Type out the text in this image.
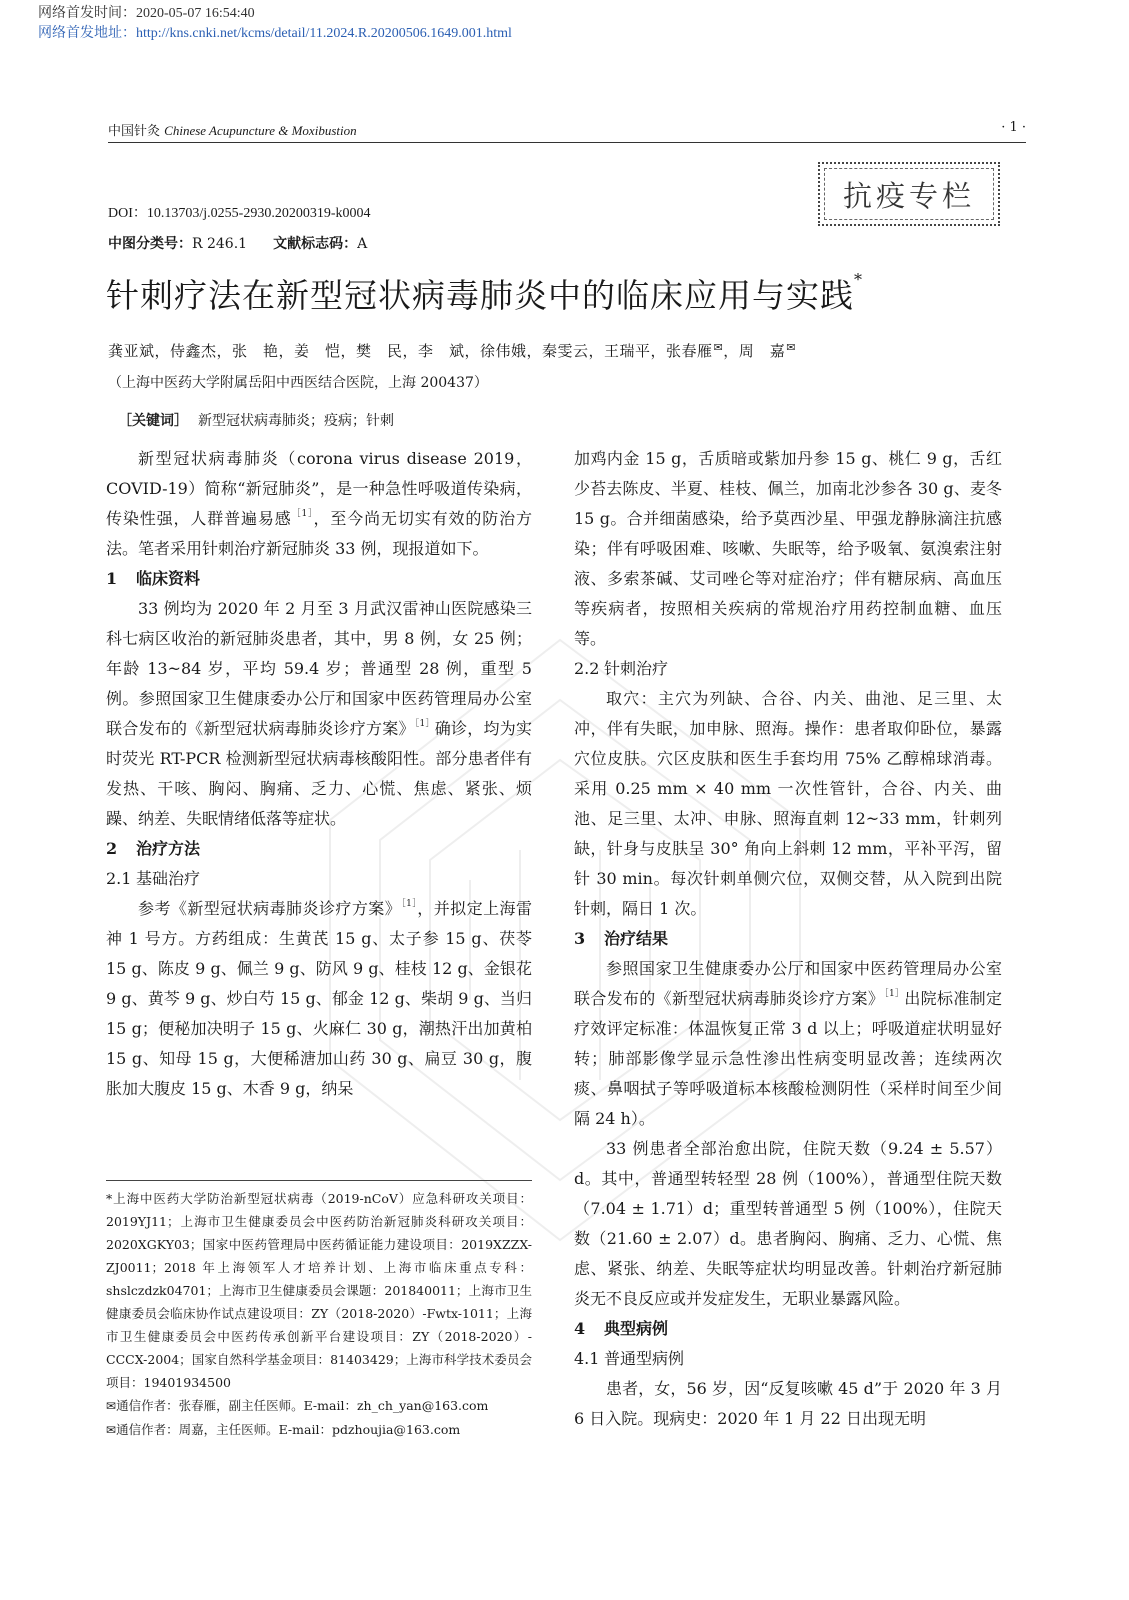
网络首发时间：2020-05-07 16:54:40
网络首发地址：http://kns.cnki.net/kcms/detail/11.2024.R.20200506.1649.001.html
中国针灸 Chinese Acupuncture & Moxibustion	· 1 ·
抗疫专栏
DOI：10.13703/j.0255-2930.20200319-k0004
中图分类号：R 246.1 文献标志码：A
针刺疗法在新型冠状病毒肺炎中的临床应用与实践*
龚亚斌，侍鑫杰，张　艳，姜　恺，樊　民，李　斌，徐伟娥，秦雯云，王瑞平，张春雁✉，周　嘉✉
（上海中医药大学附属岳阳中西医结合医院，上海 200437）
［关键词］ 新型冠状病毒肺炎；疫病；针刺

新型冠状病毒肺炎（corona virus disease 2019，COVID-19）简称“新冠肺炎”，是一种急性呼吸道传染病，传染性强，人群普遍易感$^{[1]}$，至今尚无切实有效的防治方法。笔者采用针刺治疗新冠肺炎 33 例，现报道如下。

1 临床资料

33 例均为 2020 年 2 月至 3 月武汉雷神山医院感染三科七病区收治的新冠肺炎患者，其中，男 8 例，女 25 例；年龄 13~84 岁，平均 59.4 岁；普通型 28 例，重型 5 例。参照国家卫生健康委办公厅和国家中医药管理局办公室联合发布的《新型冠状病毒肺炎诊疗方案》$^{[1]}$确诊，均为实时荧光 RT-PCR 检测新型冠状病毒核酸阳性。部分患者伴有发热、干咳、胸闷、胸痛、乏力、心慌、焦虑、紧张、烦躁、纳差、失眠情绪低落等症状。

2 治疗方法
2.1 基础治疗

参考《新型冠状病毒肺炎诊疗方案》$^{[1]}$，并拟定上海雷神 1 号方。方药组成：生黄芪 15 g、太子参 15 g、茯苓 15 g、陈皮 9 g、佩兰 9 g、防风 9 g、桂枝 12 g、金银花 9 g、黄芩 9 g、炒白芍 15 g、郁金 12 g、柴胡 9 g、当归 15 g；便秘加决明子 15 g、火麻仁 30 g，潮热汗出加黄柏 15 g、知母 15 g，大便稀溏加山药 30 g、扁豆 30 g，腹胀加大腹皮 15 g、木香 9 g，纳呆

*上海中医药大学防治新型冠状病毒（2019-nCoV）应急科研攻关项目：2019YJ11；上海市卫生健康委员会中医药防治新冠肺炎科研攻关项目：2020XGKY03；国家中医药管理局中医药循证能力建设项目：2019XZZX-ZJ0011；2018 年上海领军人才培养计划、上海市临床重点专科：shslczdzk04701；上海市卫生健康委员会课题：201840011；上海市卫生健康委员会临床协作试点建设项目：ZY（2018-2020）-Fwtx-1011；上海市卫生健康委员会中医药传承创新平台建设项目：ZY（2018-2020）-CCCX-2004；国家自然科学基金项目：81403429；上海市科学技术委员会项目：19401934500

✉通信作者：张春雁，副主任医师。E-mail：zh_ch_yan@163.com

✉通信作者：周嘉，主任医师。E-mail：pdzhoujia@163.com

加鸡内金 15 g，舌质暗或紫加丹参 15 g、桃仁 9 g，舌红少苔去陈皮、半夏、桂枝、佩兰，加南北沙参各 30 g、麦冬 15 g。合并细菌感染，给予莫西沙星、甲强龙静脉滴注抗感染；伴有呼吸困难、咳嗽、失眠等，给予吸氧、氨溴索注射液、多索茶碱、艾司唑仑等对症治疗；伴有糖尿病、高血压等疾病者，按照相关疾病的常规治疗用药控制血糖、血压等。

2.2 针刺治疗

取穴：主穴为列缺、合谷、内关、曲池、足三里、太冲，伴有失眠，加申脉、照海。操作：患者取仰卧位，暴露穴位皮肤。穴区皮肤和医生手套均用 75% 乙醇棉球消毒。采用 0.25 mm × 40 mm 一次性管针，合谷、内关、曲池、足三里、太冲、申脉、照海直刺 12~33 mm，针刺列缺，针身与皮肤呈 30° 角向上斜刺 12 mm，平补平泻，留针 30 min。每次针刺单侧穴位，双侧交替，从入院到出院针刺，隔日 1 次。

3 治疗结果

参照国家卫生健康委办公厅和国家中医药管理局办公室联合发布的《新型冠状病毒肺炎诊疗方案》$^{[1]}$出院标准制定疗效评定标准：体温恢复正常 3 d 以上；呼吸道症状明显好转；肺部影像学显示急性渗出性病变明显改善；连续两次痰、鼻咽拭子等呼吸道标本核酸检测阴性（采样时间至少间隔 24 h）。

33 例患者全部治愈出院，住院天数（9.24 ± 5.57）d。其中，普通型转轻型 28 例（100%），普通型住院天数（7.04 ± 1.71）d；重型转普通型 5 例（100%），住院天数（21.60 ± 2.07）d。患者胸闷、胸痛、乏力、心慌、焦虑、紧张、纳差、失眠等症状均明显改善。针刺治疗新冠肺炎无不良反应或并发症发生，无职业暴露风险。

4 典型病例
4.1 普通型病例

患者，女，56 岁，因“反复咳嗽 45 d”于 2020 年 3 月 6 日入院。现病史：2020 年 1 月 22 日出现无明
